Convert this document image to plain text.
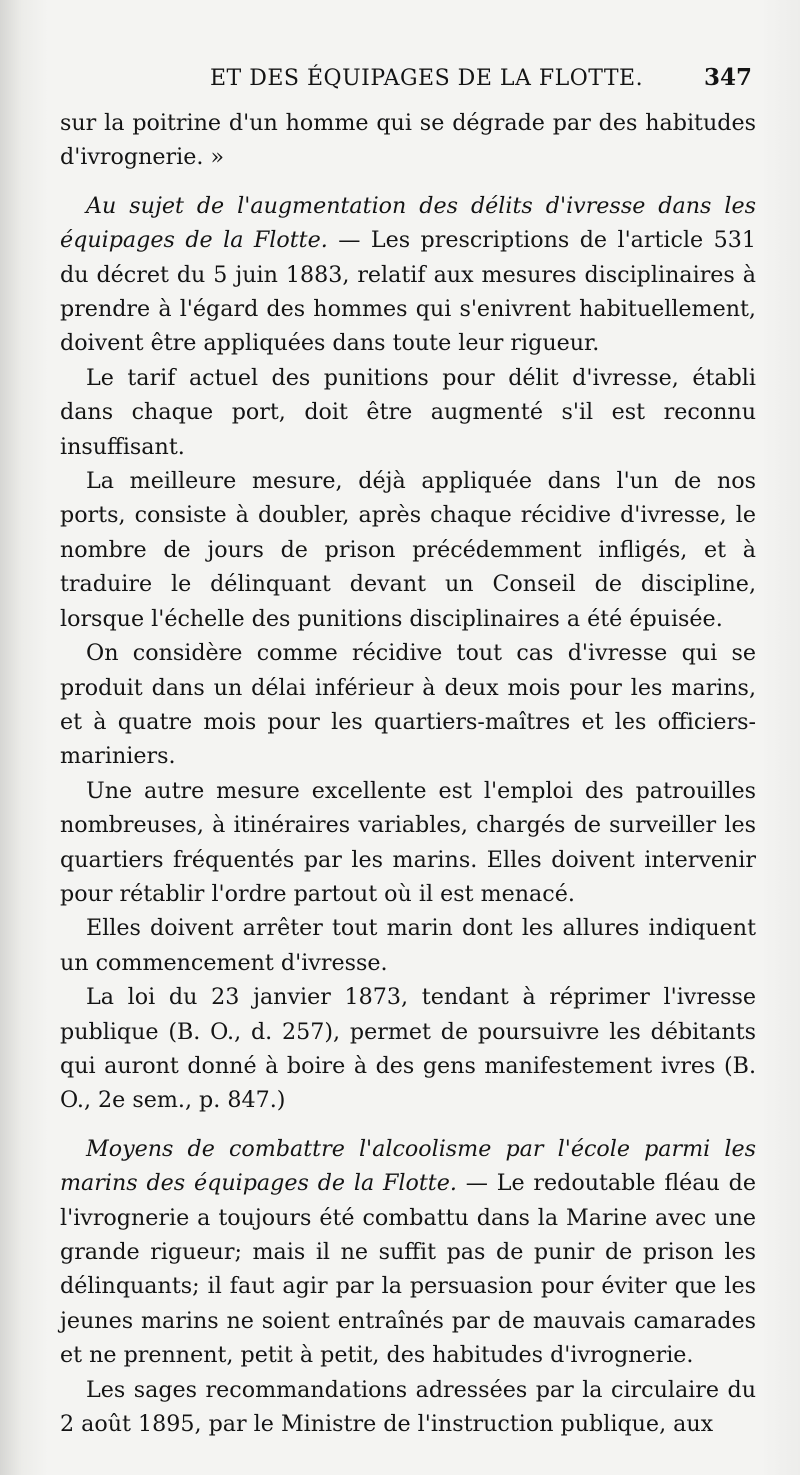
ET DES ÉQUIPAGES DE LA FLOTTE.	347

sur la poitrine d'un homme qui se dégrade par des habitudes d'ivrognerie. »

Au sujet de l'augmentation des délits d'ivresse dans les équipages de la Flotte. — Les prescriptions de l'article 531 du décret du 5 juin 1883, relatif aux mesures disciplinaires à prendre à l'égard des hommes qui s'enivrent habituellement, doivent être appliquées dans toute leur rigueur.

Le tarif actuel des punitions pour délit d'ivresse, établi dans chaque port, doit être augmenté s'il est reconnu insuffisant.

La meilleure mesure, déjà appliquée dans l'un de nos ports, consiste à doubler, après chaque récidive d'ivresse, le nombre de jours de prison précédemment infligés, et à traduire le délinquant devant un Conseil de discipline, lorsque l'échelle des punitions disciplinaires a été épuisée.

On considère comme récidive tout cas d'ivresse qui se produit dans un délai inférieur à deux mois pour les marins, et à quatre mois pour les quartiers-maîtres et les officiers-mariniers.

Une autre mesure excellente est l'emploi des patrouilles nombreuses, à itinéraires variables, chargés de surveiller les quartiers fréquentés par les marins. Elles doivent intervenir pour rétablir l'ordre partout où il est menacé.

Elles doivent arrêter tout marin dont les allures indiquent un commencement d'ivresse.

La loi du 23 janvier 1873, tendant à réprimer l'ivresse publique (B. O., d. 257), permet de poursuivre les débitants qui auront donné à boire à des gens manifestement ivres (B. O., 2e sem., p. 847.)

Moyens de combattre l'alcoolisme par l'école parmi les marins des équipages de la Flotte. — Le redoutable fléau de l'ivrognerie a toujours été combattu dans la Marine avec une grande rigueur; mais il ne suffit pas de punir de prison les délinquants; il faut agir par la persuasion pour éviter que les jeunes marins ne soient entraînés par de mauvais camarades et ne prennent, petit à petit, des habitudes d'ivrognerie.

Les sages recommandations adressées par la circulaire du 2 août 1895, par le Ministre de l'instruction publique, aux
